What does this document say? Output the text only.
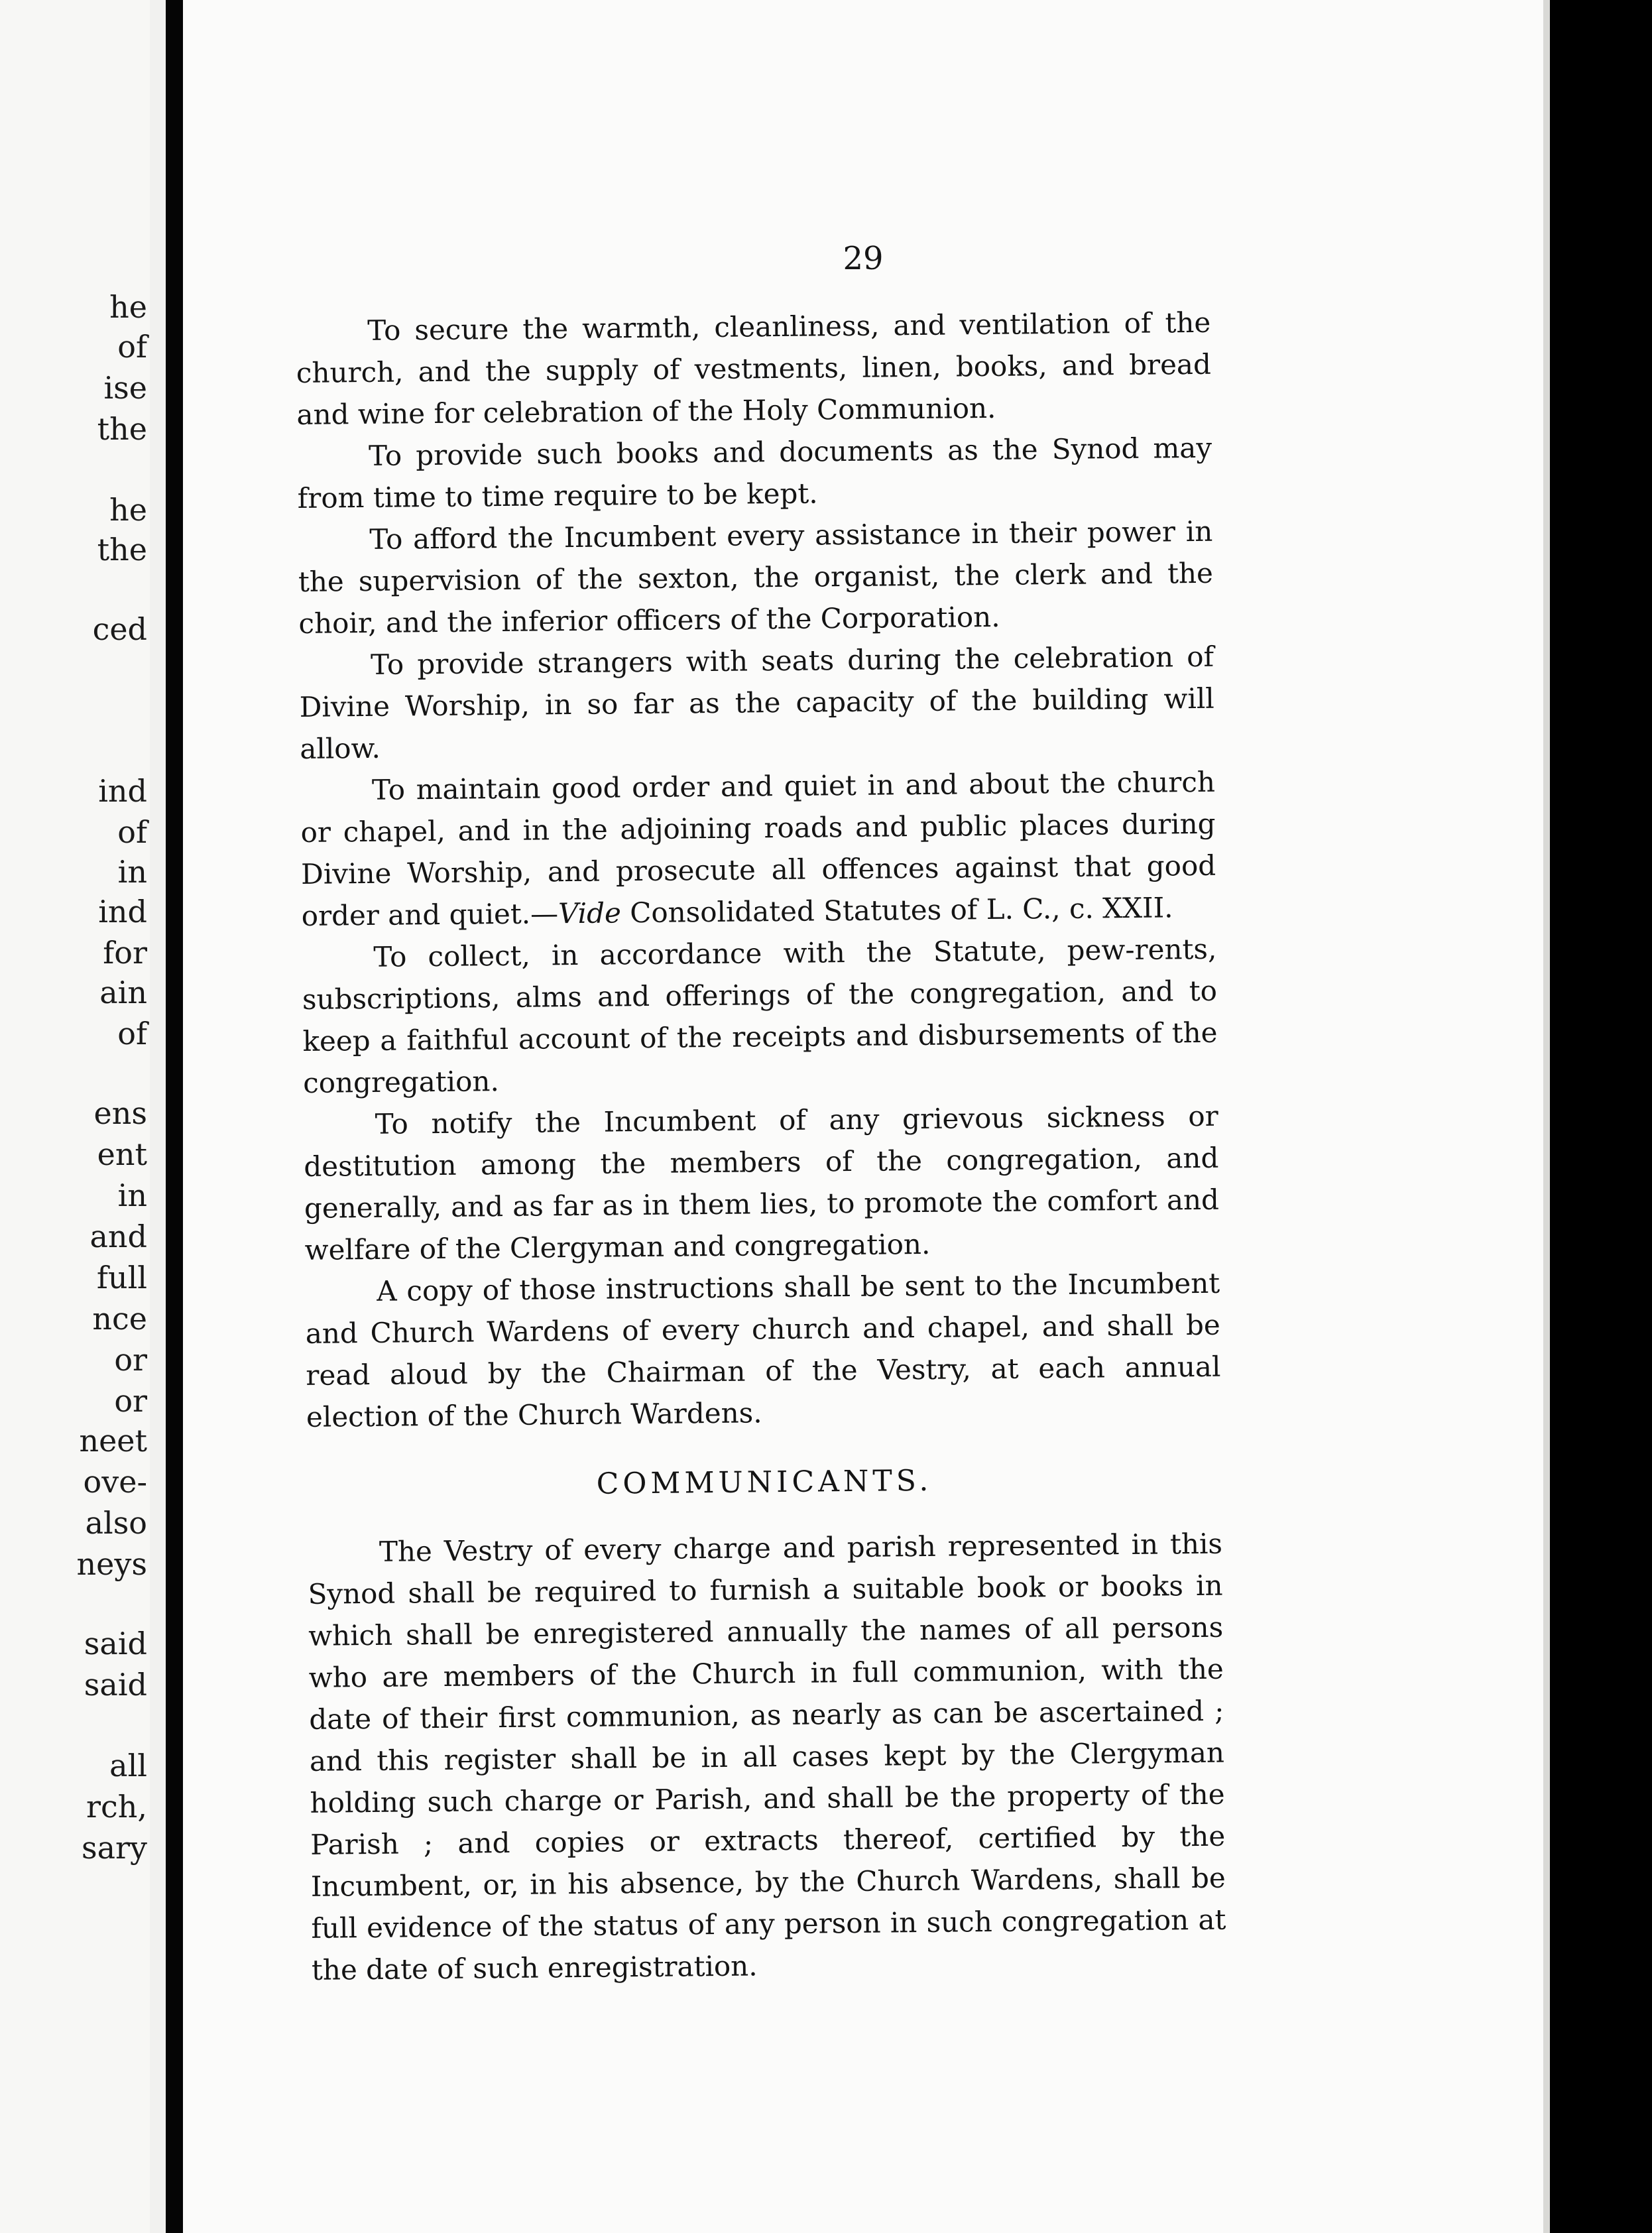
he
of
ise
the
he
the
ced
ind
of
in
ind
for
ain
of
ens
ent
in
and
full
nce
or
or
neet
ove-
also
neys
said
said
all
rch,
sary
29

To secure the warmth, cleanliness, and ventilation of the church, and the supply of vestments, linen, books, and bread and wine for celebration of the Holy Communion.

To provide such books and documents as the Synod may from time to time require to be kept.

To afford the Incumbent every assistance in their power in the supervision of the sexton, the organist, the clerk and the choir, and the inferior officers of the Corporation.

To provide strangers with seats during the celebration of Divine Worship, in so far as the capacity of the building will allow.

To maintain good order and quiet in and about the church or chapel, and in the adjoining roads and public places during Divine Worship, and prosecute all offences against that good order and quiet.—Vide Consolidated Statutes of L. C., c. XXII.

To collect, in accordance with the Statute, pew-rents, subscriptions, alms and offerings of the congregation, and to keep a faithful account of the receipts and disbursements of the congregation.

To notify the Incumbent of any grievous sickness or destitution among the members of the congregation, and generally, and as far as in them lies, to promote the comfort and welfare of the Clergyman and congregation.

A copy of those instructions shall be sent to the Incumbent and Church Wardens of every church and chapel, and shall be read aloud by the Chairman of the Vestry, at each annual election of the Church Wardens.

COMMUNICANTS.

The Vestry of every charge and parish represented in this Synod shall be required to furnish a suitable book or books in which shall be enregistered annually the names of all persons who are members of the Church in full communion, with the date of their first communion, as nearly as can be ascertained ; and this register shall be in all cases kept by the Clergyman holding such charge or Parish, and shall be the property of the Parish ; and copies or extracts thereof, certified by the Incumbent, or, in his absence, by the Church Wardens, shall be full evidence of the status of any person in such congregation at the date of such enregistration.
